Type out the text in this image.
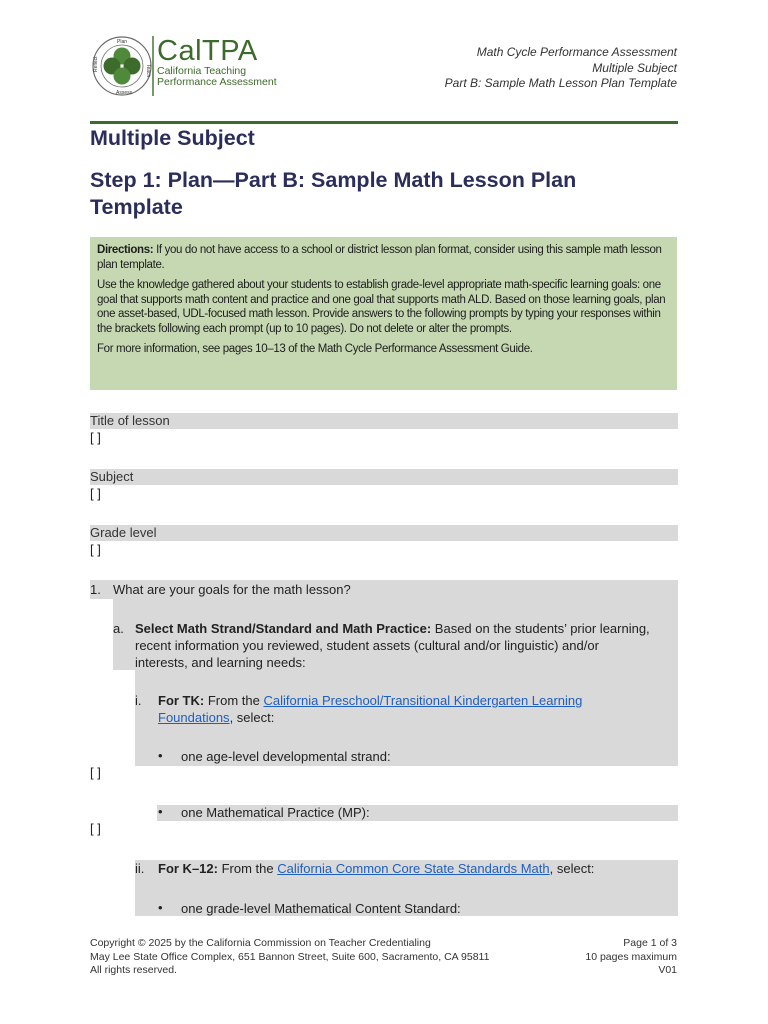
Plan
Teach
Assess
Reflect CalTPA
California Teaching
Performance Assessment
Math Cycle Performance Assessment
Multiple Subject
Part B: Sample Math Lesson Plan Template
Multiple Subject
Step 1: Plan—Part B: Sample Math Lesson Plan Template

Directions: If you do not have access to a school or district lesson plan format, consider using this sample math lesson plan template.

Use the knowledge gathered about your students to establish grade-level appropriate math-specific learning goals: one goal that supports math content and practice and one goal that supports math ALD. Based on those learning goals, plan one asset-based, UDL-focused math lesson. Provide answers to the following prompts by typing your responses within the brackets following each prompt (up to 10 pages). Do not delete or alter the prompts.

For more information, see pages 10–13 of the Math Cycle Performance Assessment Guide.

Title of lesson
[ ]
Subject
[ ]
Grade level
[ ]
1. What are your goals for the math lesson?
a. Select Math Strand/Standard and Math Practice: Based on the students’ prior learning, recent information you reviewed, student assets (cultural and/or linguistic) and/or interests, and learning needs:
i. For TK: From the California Preschool/Transitional Kindergarten Learning Foundations, select:
• one age-level developmental strand:
[ ]
• one Mathematical Practice (MP):
[ ]
ii. For K–12: From the California Common Core State Standards Math, select:
• one grade-level Mathematical Content Standard:
Copyright © 2025 by the California Commission on Teacher Credentialing
May Lee State Office Complex, 651 Bannon Street, Suite 600, Sacramento, CA 95811
All rights reserved.
Page 1 of 3
10 pages maximum
V01
